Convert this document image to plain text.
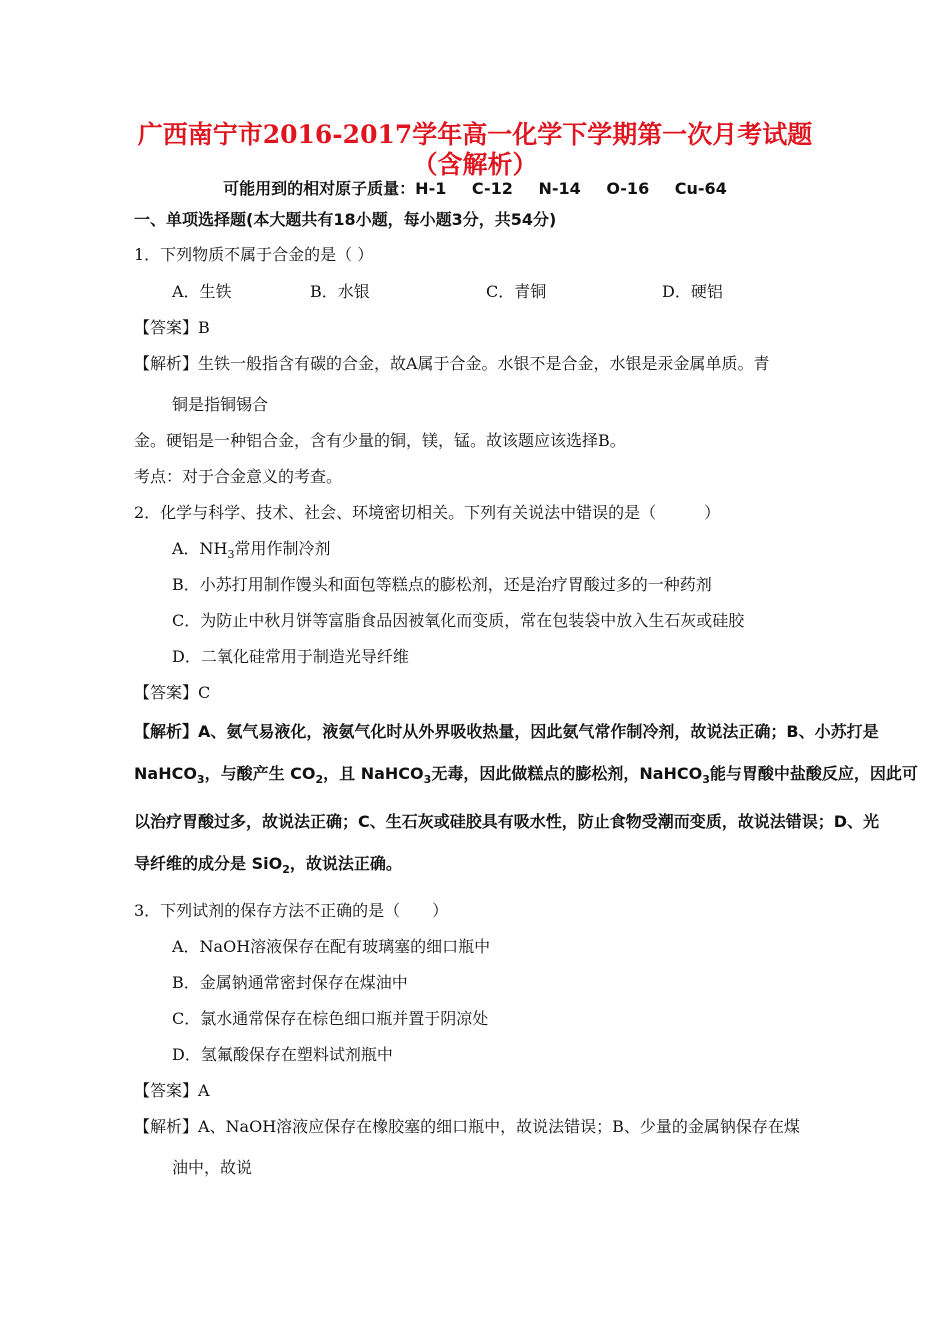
广西南宁市2016-2017学年高一化学下学期第一次月考试题（含解析）
可能用到的相对原子质量：H-1 C-12 N-14 O-16 Cu-64
一、单项选择题(本大题共有18小题，每小题3分，共54分)
1．下列物质不属于合金的是（ ）
A．生铁	B．水银	C．青铜	D．硬铝
【答案】B
【解析】生铁一般指含有碳的合金，故A属于合金。水银不是合金，水银是汞金属单质。青
铜是指铜锡合
金。硬铝是一种铝合金，含有少量的铜，镁，锰。故该题应该选择B。
考点：对于合金意义的考查。
2．化学与科学、技术、社会、环境密切相关。下列有关说法中错误的是（　　　）
A．$NH_3$常用作制冷剂
B．小苏打用制作馒头和面包等糕点的膨松剂，还是治疗胃酸过多的一种药剂
C．为防止中秋月饼等富脂食品因被氧化而变质，常在包装袋中放入生石灰或硅胶
D．二氧化硅常用于制造光导纤维
【答案】C
【解析】A、氨气易液化，液氨气化时从外界吸收热量，因此氨气常作制冷剂，故说法正确；B、小苏打是
NaHCO$_3$，与酸产生 $CO_2$，且 NaHCO$_3$无毒，因此做糕点的膨松剂，NaHCO$_3$能与胃酸中盐酸反应，因此可
以治疗胃酸过多，故说法正确；C、生石灰或硅胶具有吸水性，防止食物受潮而变质，故说法错误；D、光
导纤维的成分是 SiO$_2$，故说法正确。
3．下列试剂的保存方法不正确的是（　　）
A．NaOH溶液保存在配有玻璃塞的细口瓶中
B．金属钠通常密封保存在煤油中
C．氯水通常保存在棕色细口瓶并置于阴凉处
D．氢氟酸保存在塑料试剂瓶中
【答案】A
【解析】A、NaOH溶液应保存在橡胶塞的细口瓶中，故说法错误；B、少量的金属钠保存在煤
油中，故说
